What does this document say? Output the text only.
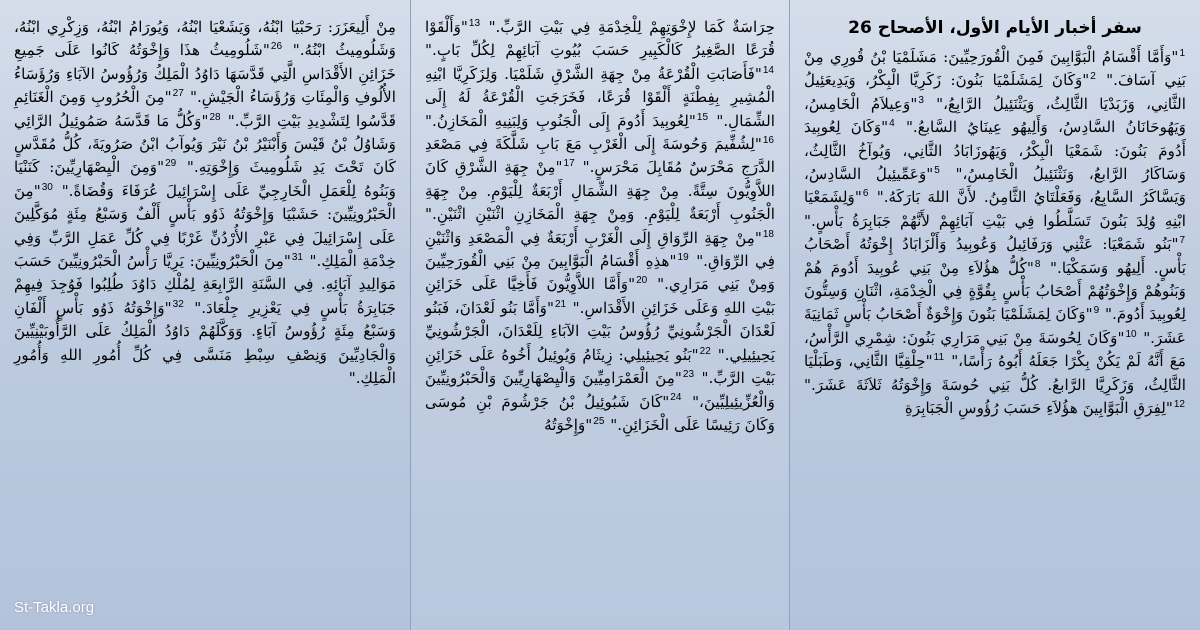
سفر أخبار الأيام الأول، الأصحاح 26
$^1$"وَأَمَّا أَقْسَامُ الْبَوَّابِينَ فَمِنَ الْقُورَحِيِّينَ: مَشَلَمْيَا بْنُ قُورِي مِنْ بَنِي آسَافَ." $^2$"وَكَانَ لِمَشَلَمْيَا بَنُونَ: زَكَرِيَّا الْبِكْرُ، وَيَدِيعَئِيلُ الثَّانِي، وَزَبَدْيَا الثَّالِثُ، وَيَثْنَئِيلُ الرَّابِعُ،" $^3$"وَعِيلاَمُ الْخَامِسُ، وَيَهُوحَانَانُ السَّادِسُ، وَأَلِيهُو عِينَايُ السَّابعُ." $^4$"وَكَانَ لِعُوبِيدَ أَدُومَ بَنُونَ: شَمَعْيَا الْبِكْرُ، وَيَهُوزَابَادُ الثَّانِي، وَيُوآخُ الثَّالِثُ، وَسَاكَارُ الرَّابعُ، وَنَثْنَئِيلُ الْخَامِسُ،" $^5$"وَعَمِّيئِيلُ السَّادِسُ، وَيَسَّاكَرُ السَّابِعُ، وَفَعَلْتَايُ الثَّامِنُ. لأَنَّ اللهَ بَارَكَهُ." $^6$"وَلِشَمَعْيَا ابْنِهِ وُلِدَ بَنُونَ تَسَلَّطُوا فِي بَيْتِ آبَائِهِمْ لأَنَّهُمْ جَبَابِرَةُ بَأْسٍ." $^7$"بَنُو شَمَعْيَا: عَثْنِي وَرَفَائِيلُ وَعُوبِيدُ وَأَلْزَابَادُ إِخْوَتُهُ أَصْحَابُ بَأْسٍ. أَلِيهُو وَسَمَكْيَا." $^8$"كُلُّ هؤُلاَءِ مِنْ بَنِي عُوبِيدَ أَدُومَ هُمْ وَبَنُوهُمْ وَإِخْوَتُهُمْ أَصْحَابُ بَأْسٍ بِقُوَّةٍ فِي الْخِدْمَةِ، اثْنَانِ وَسِتُّونَ لِعُوبِيدَ أَدُومَ." $^9$"وَكَانَ لِمَشَلَمْيَا بَنُونَ وَإِخْوَةٌ أَصْحَابُ بَأْسٍ ثَمَانِيَةَ عَشَرَ." $^{10}$"وَكَانَ لِحُوسَةَ مِنْ بَنِي مَرَارِي بَنُونَ: شِمْرِي الرَّأْسُ، مَعَ أَنَّهُ لَمْ يَكُنْ بِكْرًا جَعَلَهُ أَبُوهُ رَأْسًا،" $^{11}$"حِلْقِيَّا الثَّانِي، وَطَبَلْيَا الثَّالِثُ، وَزَكَرِيَّا الرَّابعُ. كُلُّ بَنِي حُوسَةَ وَإِخْوَتُهُ ثَلاَثَةَ عَشَرَ." $^{12}$"لِفِرَقِ الْبَوَّابِينَ هؤُلاَءِ حَسَبَ رُؤُوسِ الْجَبَابِرَةِ
حِرَاسَةٌ كَمَا لإِخْوَتِهِمْ لِلْخِدْمَةِ فِي بَيْتِ الرَّبِّ." $^{13}$"وَأَلْقَوْا قُرَعًا الصَّغِيرُ كَالْكَبِيرِ حَسَبَ بُيُوتِ آبَائِهِمْ لِكُلِّ بَابٍ." $^{14}$"فَأَصَابَتِ الْقُرْعَةُ مِنْ جِهَةِ الشَّرْقِ شَلَمْيَا. وَلِزَكَرِيَّا ابْنِهِ الْمُشِيرِ بِفِطْنَةٍ أَلْقَوْا قُرَعًا، فَخَرَجَتِ الْقُرْعَةُ لَهُ إِلَى الشِّمَالِ." $^{15}$"لِعُوبِيدَ أَدُومَ إِلَى الْجَنُوبِ وَلِبَنِيهِ الْمَخَازِنُ." $^{16}$"لِشُفِّيمَ وَحُوسَةَ إِلَى الْغَرْبِ مَعَ بَابِ شَلَّكَةَ فِي مَصْعَدِ الدَّرَجِ مَحْرَسٌ مُقَابِلَ مَحْرَسٍ." $^{17}$"مِنْ جِهَةِ الشَّرْقِ كَانَ اللاَّوِيُّونَ سِتَّةً. مِنْ جِهَةِ الشِّمَالِ أَرْبَعَةٌ لِلْيَوْمِ. مِنْ جِهَةِ الْجَنُوبِ أَرْبَعَةٌ لِلْيَوْمِ. وَمِنْ جِهَةِ الْمَخَازِنِ اثْنَيْنِ اثْنَيْنِ." $^{18}$"مِنْ جِهَةِ الرِّوَاقِ إِلَى الْغَرْبِ أَرْبَعَةٌ فِي الْمَصْعَدِ وَاثْنَيْنِ فِي الرِّوَاقِ." $^{19}$"هذِهِ أَقْسَامُ الْبَوَّابِينَ مِنْ بَنِي الْقُورَحِيِّينَ وَمِنْ بَنِي مَرَارِي." $^{20}$"وَأَمَّا اللاَّوِيُّونَ فَأَخِيَّا عَلَى خَزَائِنِ بَيْتِ اللهِ وَعَلَى خَزَائِنِ الأَقْدَاسِ." $^{21}$"وَأَمَّا بَنُو لَعْدَانَ، فَبَنُو لَعْدَانَ الْجَرْشُونِيِّ رُؤُوسُ بَيْتِ الآبَاءِ لِلَعْدَانَ، الْجَرْشُونِيِّ يَحِيئِيلِي." $^{22}$"بَنُو يَحِيئِيلِي: زِيثَامُ وَيُوئِيلُ أَخُوهُ عَلَى خَزَائِنِ بَيْتِ الرَّبِّ." $^{23}$"مِنَ الْعَمْرَامِيِّينَ وَالْيِصْهَارِيِّينَ وَالْحَبْرُونِيِّينَ وَالْعُزِّيئِيلِيِّينَ،" $^{24}$"كَانَ شَبُوئِيلُ بْنُ جَرْشُومَ بْنِ مُوسَى وَكَانَ رَئِيسًا عَلَى الْخَزَائِنِ." $^{25}$"وَإِخْوَتُهُ
مِنْ أَلِيعَزَرَ: رَحَبْيَا ابْنُهُ، وَيَشَعْيَا ابْنُهُ، وَيُورَامُ ابْنُهُ، وَزِكْرِي ابْنُهُ، وَشَلُومِيثُ ابْنُهُ." $^{26}$"شَلُومِيثُ هذَا وَإِخْوَتُهُ كَانُوا عَلَى جَمِيعِ خَزَائِنِ الأَقْدَاسِ الَّتِي قَدَّسَهَا دَاوُدُ الْمَلِكُ وَرُؤُوسُ الآبَاءِ وَرُؤَسَاءُ الأُلُوفِ وَالْمِئَاتِ وَرُؤَسَاءُ الْجَيْشِ." $^{27}$"مِنَ الْحُرُوبِ وَمِنَ الْغَنَائِمِ قَدَّسُوا لِتَشْدِيدِ بَيْتِ الرَّبِّ." $^{28}$"وَكُلُّ مَا قَدَّسَهُ صَمُوئِيلُ الرَّائِي وَشَاوُلُ بْنُ قَيْسَ وَأَبْنَيْرُ بْنُ نَيْرَ وَيُوآبُ ابْنُ صَرُويَةَ، كُلُّ مُقَدَّسٍ كَانَ تَحْتَ يَدِ شَلُومِيثَ وَإِخْوَتِهِ." $^{29}$"وَمِنَ الْيِصْهَارِيِّينَ: كَنَنْيَا وَبَنُوهُ لِلْعَمَلِ الْخَارِجِيِّ عَلَى إِسْرَائِيلَ عُرَفَاءَ وَقُضَاةً." $^{30}$"مِنَ الْحَبْرُونِيِّينَ: حَشَبْيَا وَإِخْوَتُهُ ذَوُو بَأْسٍ أَلْفٌ وَسَبْعُ مِئَةٍ مُوَكَّلِينَ عَلَى إِسْرَائِيلَ فِي عَبْرِ الأُرْدُنِّ غَرْبًا فِي كُلِّ عَمَلِ الرَّبِّ وَفِي خِدْمَةِ الْمَلِكِ." $^{31}$"مِنَ الْحَبْرُونِيِّينَ: يَرِيَّا رَأْسُ الْحَبْرُونِيِّينَ حَسَبَ مَوَالِيدِ آبَائِهِ. فِي السَّنَةِ الرَّابِعَةِ لِمُلْكِ دَاوُدَ طُلِبُوا فَوُجِدَ فِيهِمْ جَبَابِرَةُ بَأْسٍ فِي يَعْزِيرِ جِلْعَادَ." $^{32}$"وَإِخْوَتُهُ ذَوُو بَأْسٍ أَلْفَانِ وَسَبْعُ مِئَةٍ رُؤُوسُ آبَاءٍ. وَوَكَّلَهُمْ دَاوُدُ الْمَلِكُ عَلَى الرَّأُوبَيْنِيِّينَ وَالْجَادِيِّينَ وَنِصْفِ سِبْطِ مَنَسَّى فِي كُلِّ أُمُورِ اللهِ وَأُمُورِ الْمَلِكِ."
St-Takla.org
